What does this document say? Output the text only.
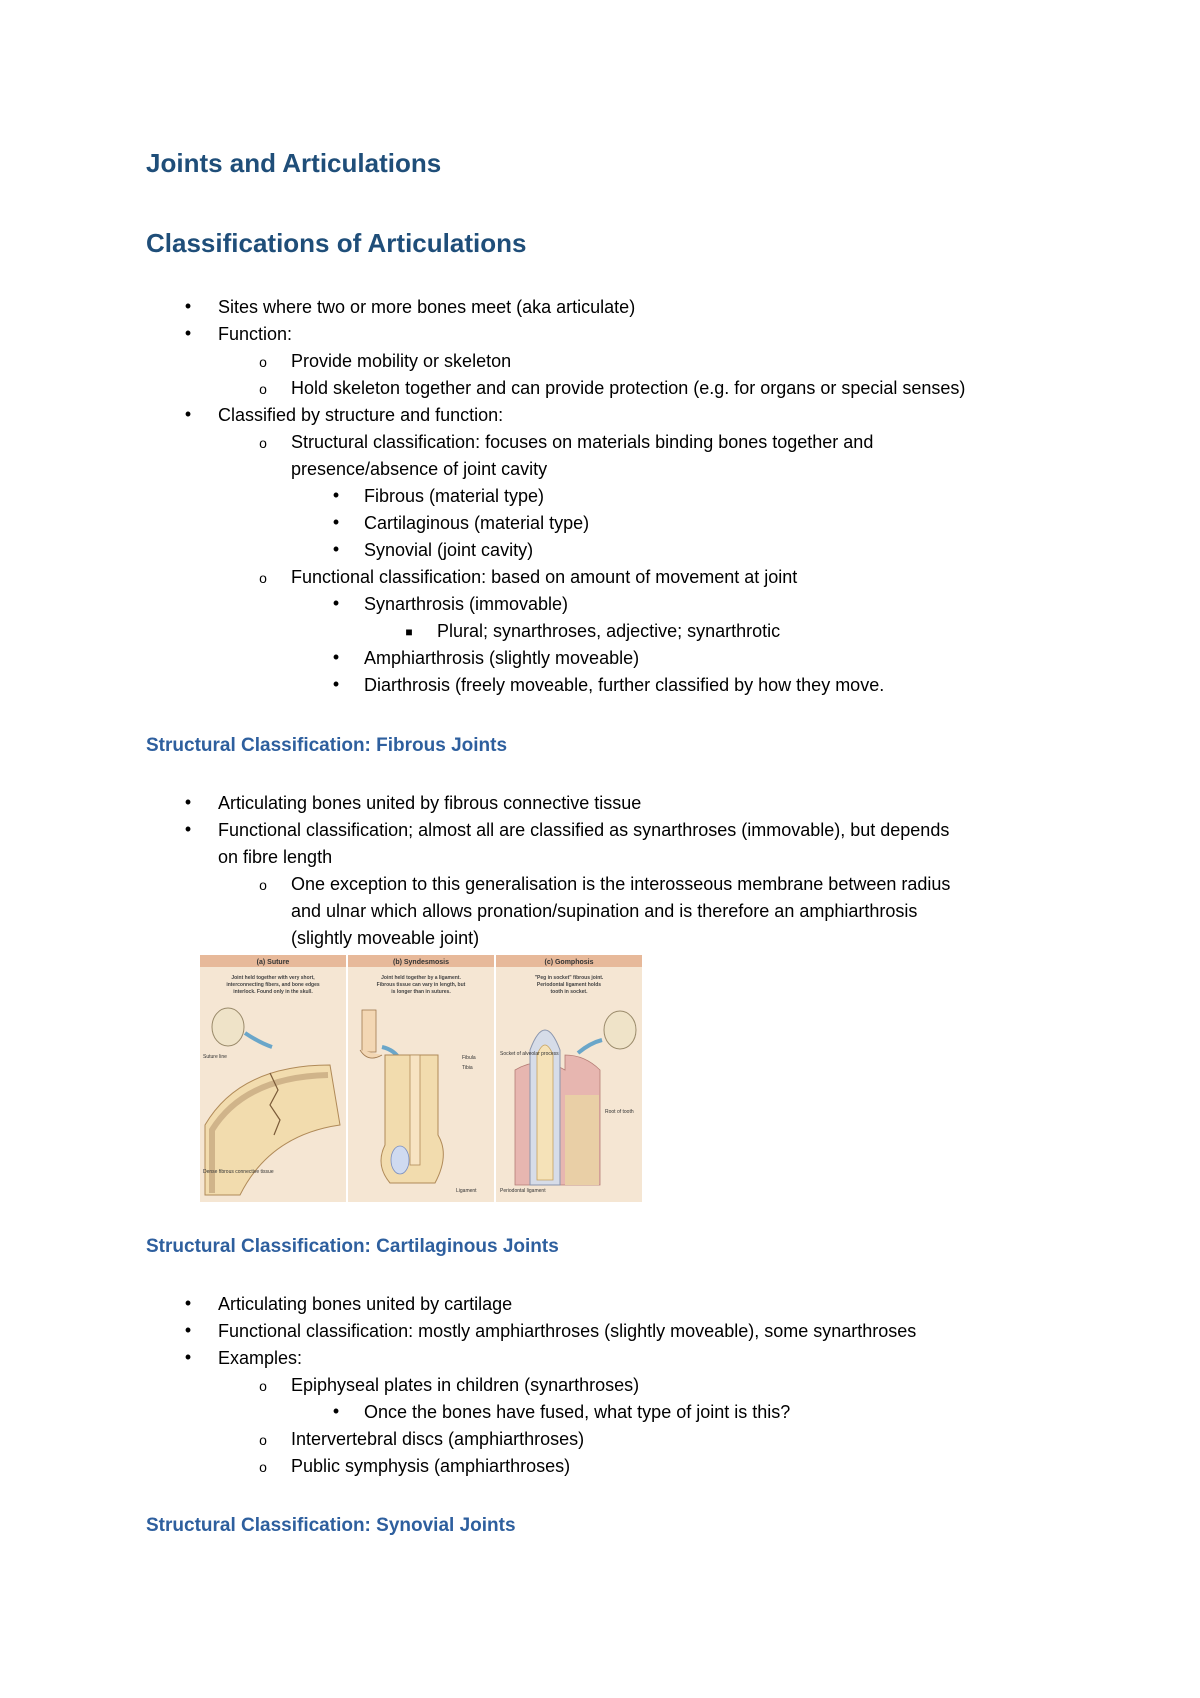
Joints and Articulations
Classifications of Articulations
•	Sites where two or more bones meet (aka articulate)
•	Function:
o	Provide mobility or skeleton
o	Hold skeleton together and can provide protection (e.g. for organs or special senses)
•	Classified by structure and function:
o	Structural classification: focuses on materials binding bones together and
presence/absence of joint cavity
•	Fibrous (material type)
•	Cartilaginous (material type)
•	Synovial (joint cavity)
o	Functional classification: based on amount of movement at joint
•	Synarthrosis (immovable)
■	Plural; synarthroses, adjective; synarthrotic
•	Amphiarthrosis (slightly moveable)
•	Diarthrosis (freely moveable, further classified by how they move.
Structural Classification: Fibrous Joints
•	Articulating bones united by fibrous connective tissue
•	Functional classification; almost all are classified as synarthroses (immovable), but depends
on fibre length
o	One exception to this generalisation is the interosseous membrane between radius
and ulnar which allows pronation/supination and is therefore an amphiarthrosis
(slightly moveable joint)
(a) Suture	(b) Syndesmosis	(c) Gomphosis
Joint held together with very short,
interconnecting fibers, and bone edges
interlock. Found only in the skull.
Joint held together by a ligament.
Fibrous tissue can vary in length, but
is longer than in sutures.
"Peg in socket" fibrous joint.
Periodontal ligament holds
tooth in socket.
Suture line
Dense fibrous connective tissue
Fibula
Tibia
Ligament
Socket of alveolar process
Root of tooth
Periodontal ligament
Structural Classification: Cartilaginous Joints
•	Articulating bones united by cartilage
•	Functional classification: mostly amphiarthroses (slightly moveable), some synarthroses
•	Examples:
o	Epiphyseal plates in children (synarthroses)
•	Once the bones have fused, what type of joint is this?
o	Intervertebral discs (amphiarthroses)
o	Public symphysis (amphiarthroses)
Structural Classification: Synovial Joints
